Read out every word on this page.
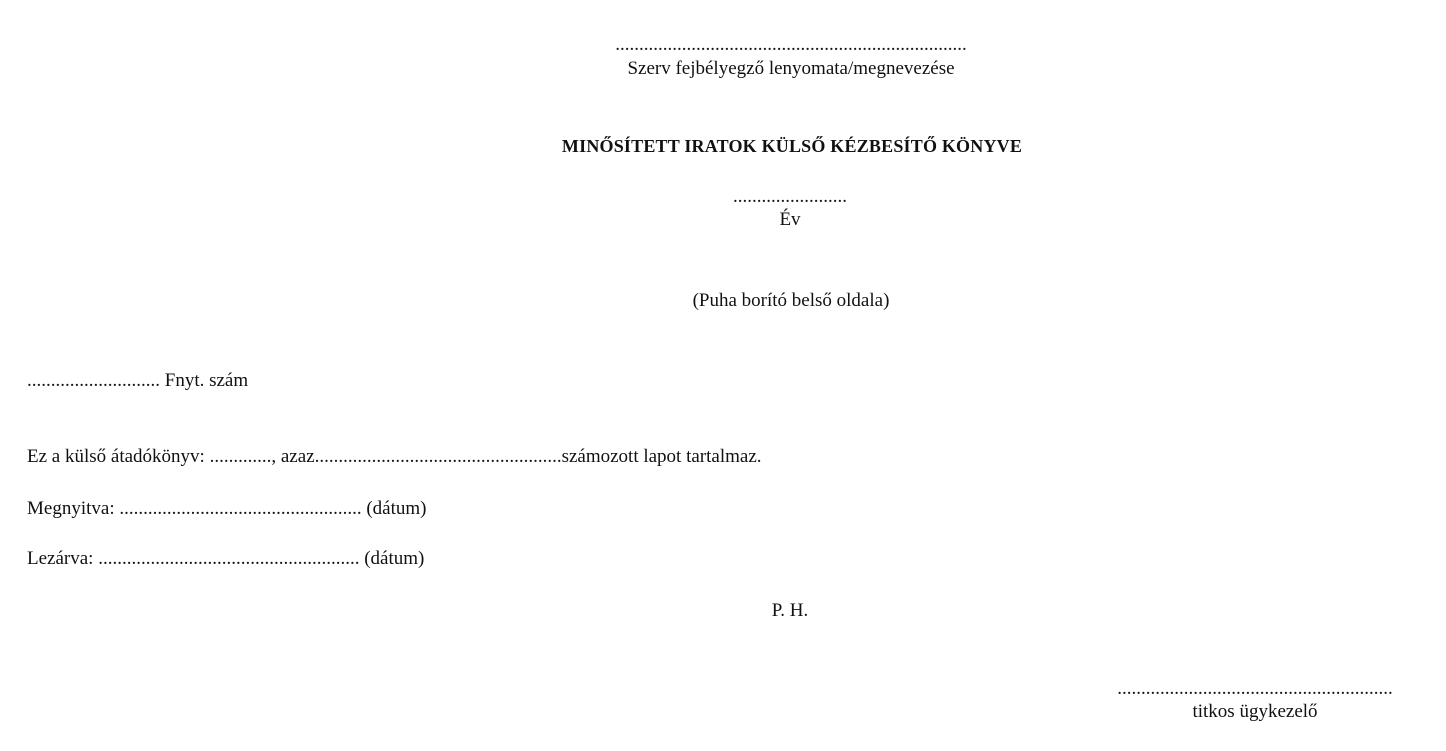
..........................................................................
Szerv fejbélyegző lenyomata/megnevezése
MINŐSÍTETT IRATOK KÜLSŐ KÉZBESÍTŐ KÖNYVE
........................
Év
(Puha borító belső oldala)
............................ Fnyt. szám
Ez a külső átadókönyv: ............., azaz....................................................számozott lapot tartalmaz.
Megnyitva: ................................................... (dátum)
Lezárva: ....................................................... (dátum)
P. H.
..........................................................
titkos ügykezelő
